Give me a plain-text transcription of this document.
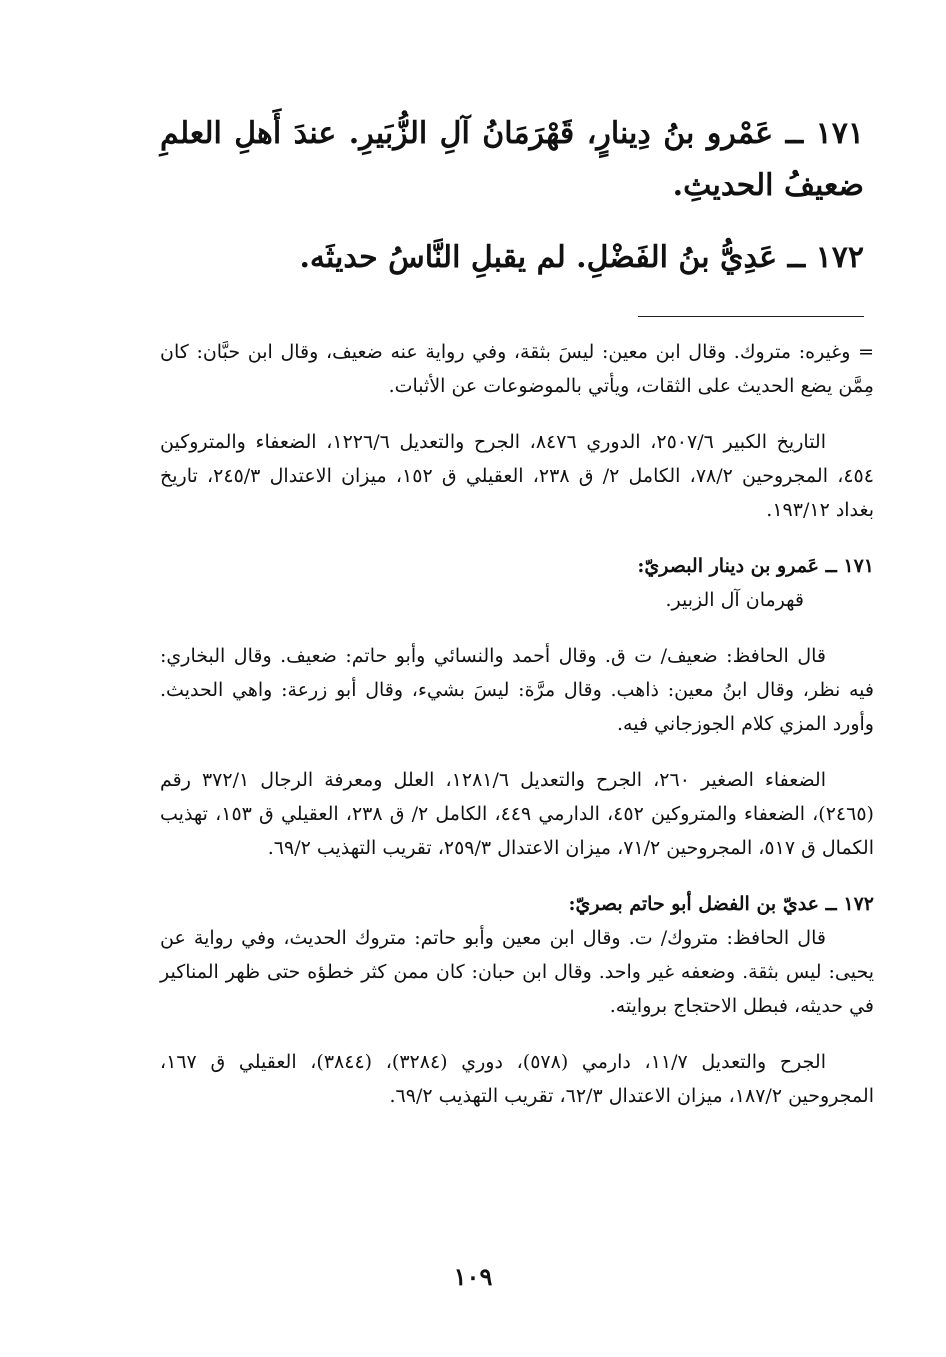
١٧١ ــ عَمْرو بنُ دِينارٍ، قَهْرَمَانُ آلِ الزُّبَيرِ. عندَ أَهلِ العلمِ ضعيفُ الحديثِ.

١٧٢ ــ عَدِيُّ بنُ الفَضْلِ. لم يقبلِ النَّاسُ حديثَه.

= وغيره: متروك. وقال ابن معين: ليسَ بثقة، وفي رواية عنه ضعيف، وقال ابن حبَّان: كان مِمَّن يضع الحديث على الثقات، ويأتي بالموضوعات عن الأثبات.

التاريخ الكبير ٢٥٠٧/٦، الدوري ٨٤٧٦، الجرح والتعديل ١٢٢٦/٦، الضعفاء والمتروكين ٤٥٤، المجروحين ٧٨/٢، الكامل ٢/ ق ٢٣٨، العقيلي ق ١٥٢، ميزان الاعتدال ٢٤٥/٣، تاريخ بغداد ١٩٣/١٢.

١٧١ ــ عَمرو بن دينار البصريّ:

قهرمان آل الزبير.

قال الحافظ: ضعيف/ ت ق. وقال أحمد والنسائي وأبو حاتم: ضعيف. وقال البخاري: فيه نظر، وقال ابنُ معين: ذاهب. وقال مرَّة: ليسَ بشيء، وقال أبو زرعة: واهي الحديث. وأورد المزي كلام الجوزجاني فيه.

الضعفاء الصغير ٢٦٠، الجرح والتعديل ١٢٨١/٦، العلل ومعرفة الرجال ٣٧٢/١ رقم (٢٤٦٥)، الضعفاء والمتروكين ٤٥٢، الدارمي ٤٤٩، الكامل ٢/ ق ٢٣٨، العقيلي ق ١٥٣، تهذيب الكمال ق ٥١٧، المجروحين ٧١/٢، ميزان الاعتدال ٢٥٩/٣، تقريب التهذيب ٦٩/٢.

١٧٢ ــ عديّ بن الفضل أبو حاتم بصريّ:

قال الحافظ: متروك/ ت. وقال ابن معين وأبو حاتم: متروك الحديث، وفي رواية عن يحيى: ليس بثقة. وضعفه غير واحد. وقال ابن حبان: كان ممن كثر خطؤه حتى ظهر المناكير في حديثه، فبطل الاحتجاج بروايته.

الجرح والتعديل ١١/٧، دارمي (٥٧٨)، دوري (٣٢٨٤)، (٣٨٤٤)، العقيلي ق ١٦٧، المجروحين ١٨٧/٢، ميزان الاعتدال ٦٢/٣، تقريب التهذيب ٦٩/٢.

١٠٩
